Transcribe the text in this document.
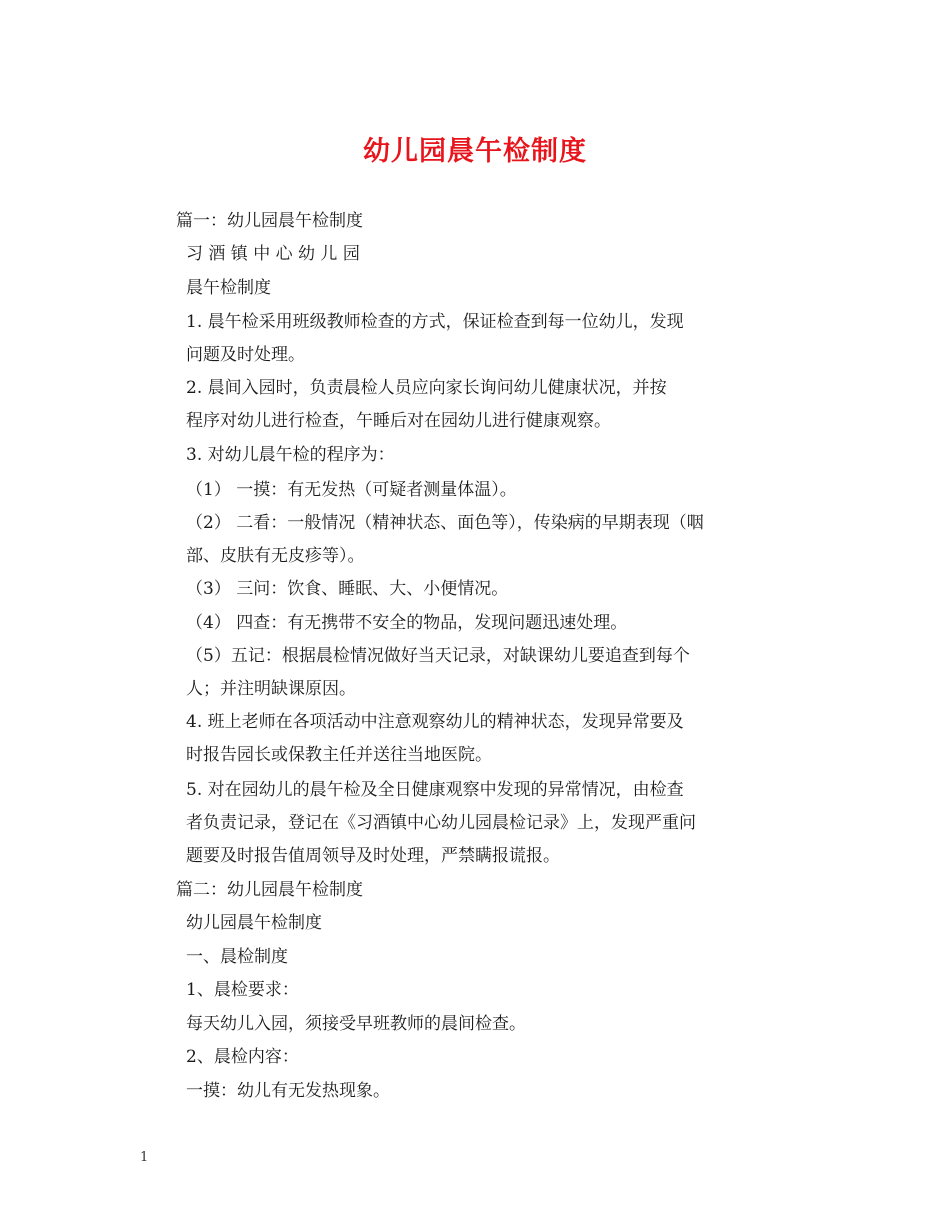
幼儿园晨午检制度
篇一：幼儿园晨午检制度
习 酒 镇 中 心 幼 儿 园
晨午检制度
1. 晨午检采用班级教师检查的方式，保证检查到每一位幼儿，发现
问题及时处理。
2. 晨间入园时，负责晨检人员应向家长询问幼儿健康状况，并按
程序对幼儿进行检查，午睡后对在园幼儿进行健康观察。
3. 对幼儿晨午检的程序为：
（1） 一摸：有无发热（可疑者测量体温）。
（2） 二看：一般情况（精神状态、面色等），传染病的早期表现（咽
部、皮肤有无皮疹等）。
（3） 三问：饮食、睡眠、大、小便情况。
（4） 四查：有无携带不安全的物品，发现问题迅速处理。
（5）五记：根据晨检情况做好当天记录，对缺课幼儿要追查到每个
人；并注明缺课原因。
4. 班上老师在各项活动中注意观察幼儿的精神状态，发现异常要及
时报告园长或保教主任并送往当地医院。
5. 对在园幼儿的晨午检及全日健康观察中发现的异常情况，由检查
者负责记录，登记在《习酒镇中心幼儿园晨检记录》上，发现严重问
题要及时报告值周领导及时处理，严禁瞒报谎报。
篇二：幼儿园晨午检制度
幼儿园晨午检制度
一、晨检制度
1、晨检要求：
每天幼儿入园，须接受早班教师的晨间检查。
2、晨检内容：
一摸：幼儿有无发热现象。
1
